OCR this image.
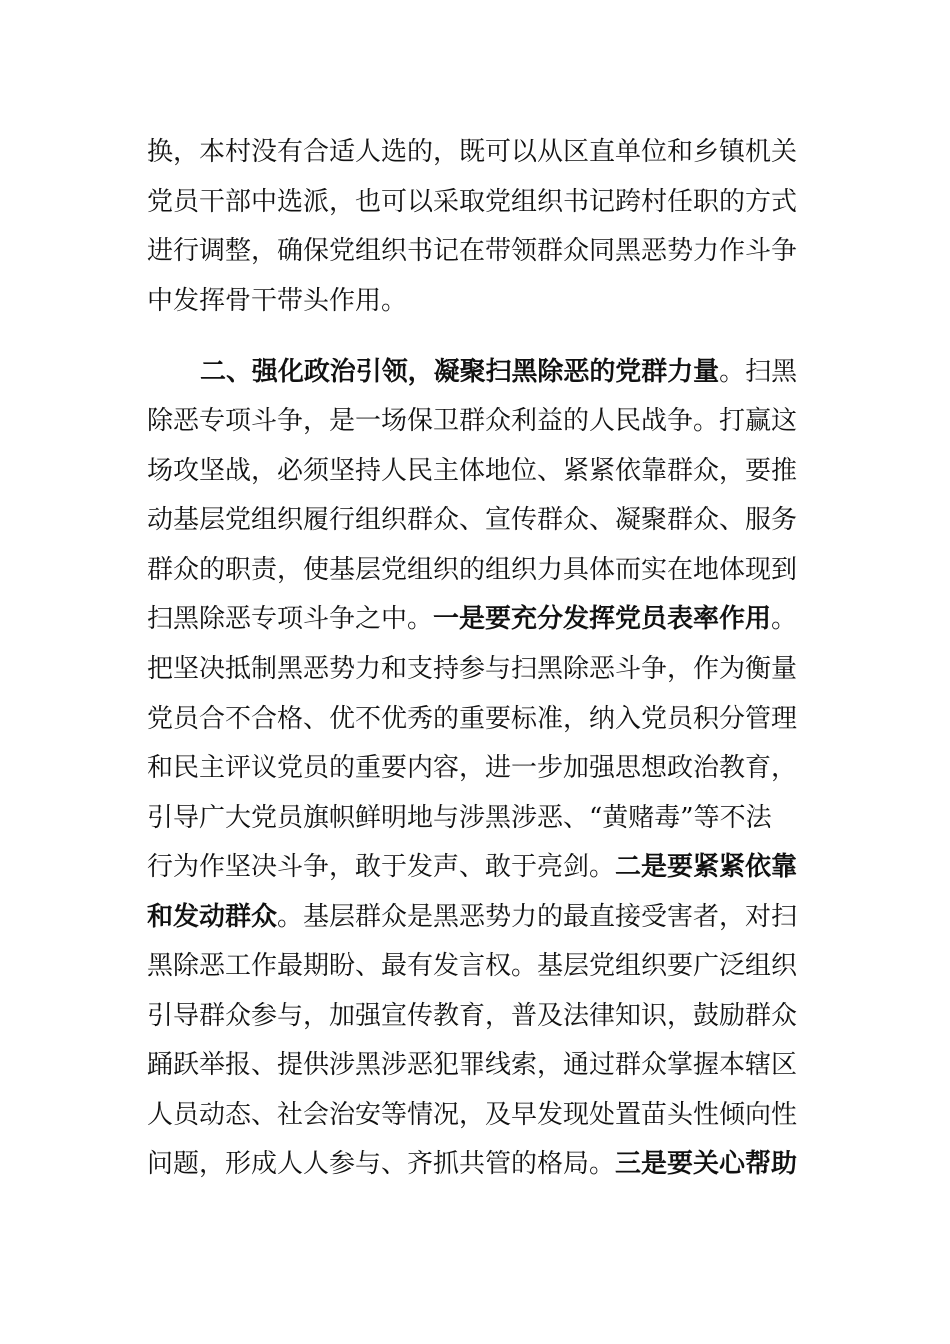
换，本村没有合适人选的，既可以从区直单位和乡镇机关
党员干部中选派，也可以采取党组织书记跨村任职的方式
进行调整，确保党组织书记在带领群众同黑恶势力作斗争
中发挥骨干带头作用。
二、强化政治引领，凝聚扫黑除恶的党群力量。扫黑
除恶专项斗争，是一场保卫群众利益的人民战争。打赢这
场攻坚战，必须坚持人民主体地位、紧紧依靠群众，要推
动基层党组织履行组织群众、宣传群众、凝聚群众、服务
群众的职责，使基层党组织的组织力具体而实在地体现到
扫黑除恶专项斗争之中。一是要充分发挥党员表率作用。
把坚决抵制黑恶势力和支持参与扫黑除恶斗争，作为衡量
党员合不合格、优不优秀的重要标准，纳入党员积分管理
和民主评议党员的重要内容，进一步加强思想政治教育，
引导广大党员旗帜鲜明地与涉黑涉恶、“黄赌毒”等不法
行为作坚决斗争，敢于发声、敢于亮剑。二是要紧紧依靠
和发动群众。基层群众是黑恶势力的最直接受害者，对扫
黑除恶工作最期盼、最有发言权。基层党组织要广泛组织
引导群众参与，加强宣传教育，普及法律知识，鼓励群众
踊跃举报、提供涉黑涉恶犯罪线索，通过群众掌握本辖区
人员动态、社会治安等情况，及早发现处置苗头性倾向性
问题，形成人人参与、齐抓共管的格局。三是要关心帮助
